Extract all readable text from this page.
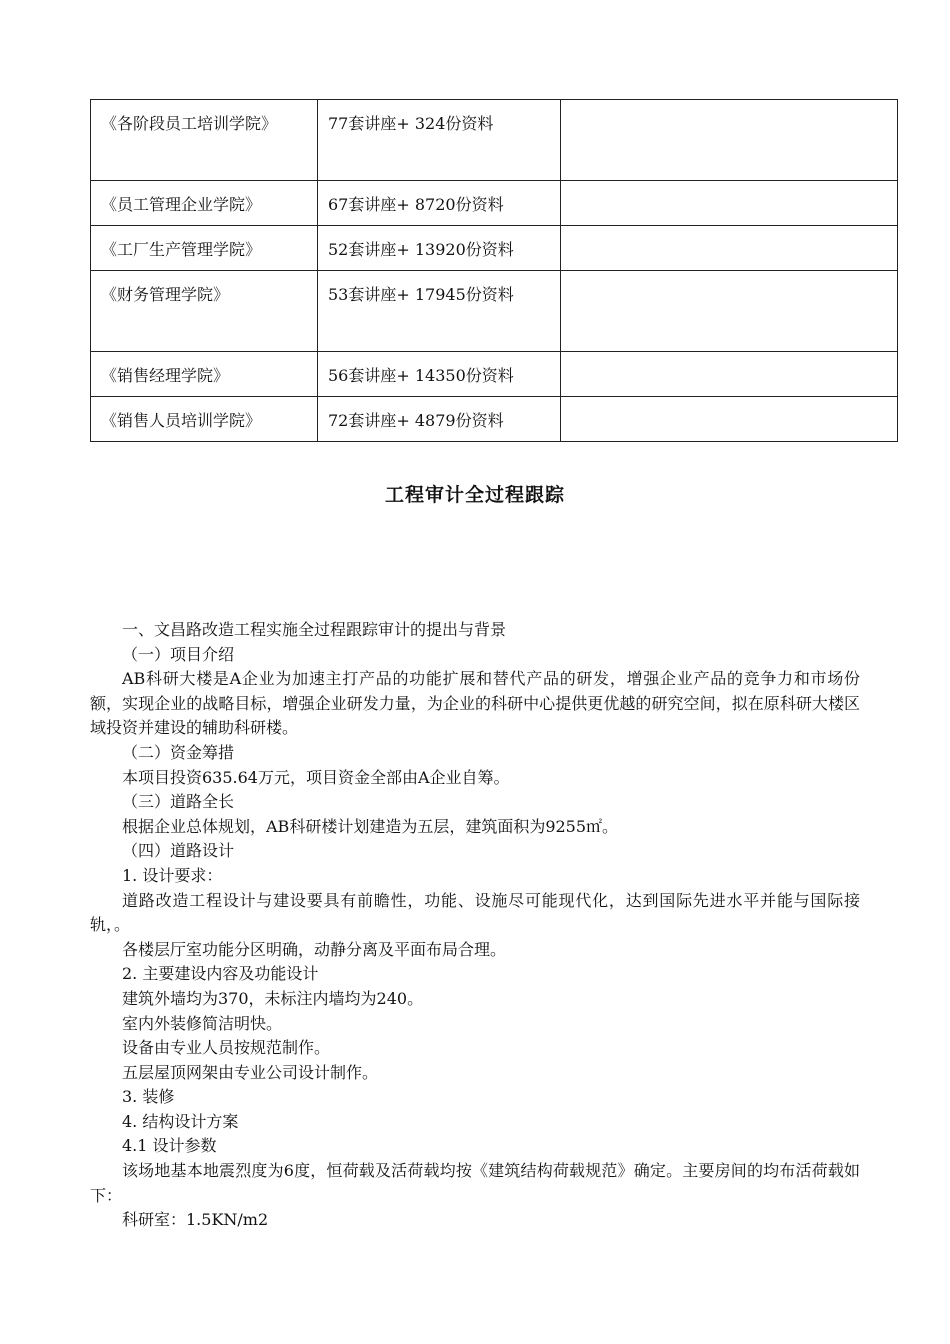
《各阶段员工培训学院》	77套讲座+ 324份资料	
《员工管理企业学院》	67套讲座+ 8720份资料	
《工厂生产管理学院》	52套讲座+ 13920份资料	
《财务管理学院》	53套讲座+ 17945份资料	
《销售经理学院》	56套讲座+ 14350份资料	
《销售人员培训学院》	72套讲座+ 4879份资料	
工程审计全过程跟踪

一、文昌路改造工程实施全过程跟踪审计的提出与背景

（一）项目介绍

AB科研大楼是A企业为加速主打产品的功能扩展和替代产品的研发，增强企业产品的竞争力和市场份额，实现企业的战略目标，增强企业研发力量，为企业的科研中心提供更优越的研究空间，拟在原科研大楼区域投资并建设的辅助科研楼。

（二）资金筹措

本项目投资635.64万元，项目资金全部由A企业自筹。

（三）道路全长

根据企业总体规划，AB科研楼计划建造为五层，建筑面积为9255㎡。

（四）道路设计

1. 设计要求：

道路改造工程设计与建设要具有前瞻性，功能、设施尽可能现代化，达到国际先进水平并能与国际接轨，。

各楼层厅室功能分区明确，动静分离及平面布局合理。

2. 主要建设内容及功能设计

建筑外墙均为370，未标注内墙均为240。

室内外装修简洁明快。

设备由专业人员按规范制作。

五层屋顶网架由专业公司设计制作。

3. 装修

4. 结构设计方案

4.1 设计参数

该场地基本地震烈度为6度，恒荷载及活荷载均按《建筑结构荷载规范》确定。主要房间的均布活荷载如下：

科研室：1.5KN/m2
